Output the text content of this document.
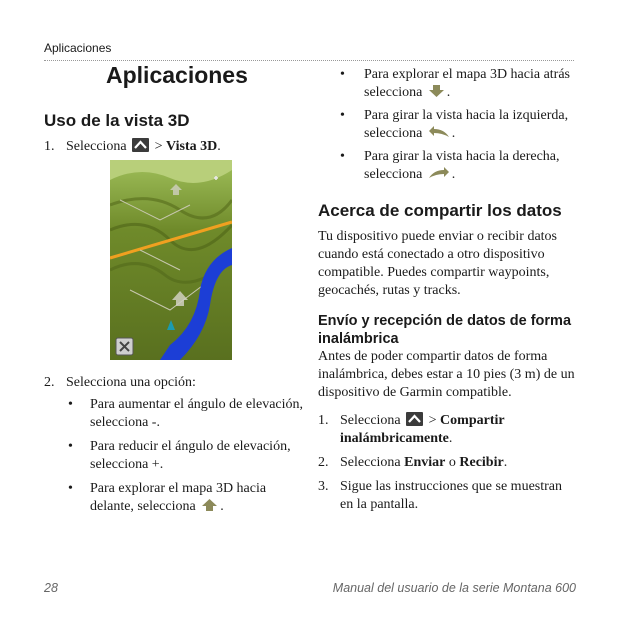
Aplicaciones
Aplicaciones
Uso de la vista 3D
1. Selecciona > Vista 3D.
2. Selecciona una opción:
• Para aumentar el ángulo de elevación, selecciona -.
• Para reducir el ángulo de elevación, selecciona +.
• Para explorar el mapa 3D hacia delante, selecciona .
• Para explorar el mapa 3D hacia atrás selecciona .
• Para girar la vista hacia la izquierda, selecciona .
• Para girar la vista hacia la derecha, selecciona .
Acerca de compartir los datos

Tu dispositivo puede enviar o recibir datos cuando está conectado a otro dispositivo compatible. Puedes compartir waypoints, geocachés, rutas y tracks.

Envío y recepción de datos de forma inalámbrica

Antes de poder compartir datos de forma inalámbrica, debes estar a 10 pies (3 m) de un dispositivo de Garmin compatible.

1. Selecciona > Compartir inalámbricamente.
2. Selecciona Enviar o Recibir.
3. Sigue las instrucciones que se muestran en la pantalla.
28	Manual del usuario de la serie Montana 600
